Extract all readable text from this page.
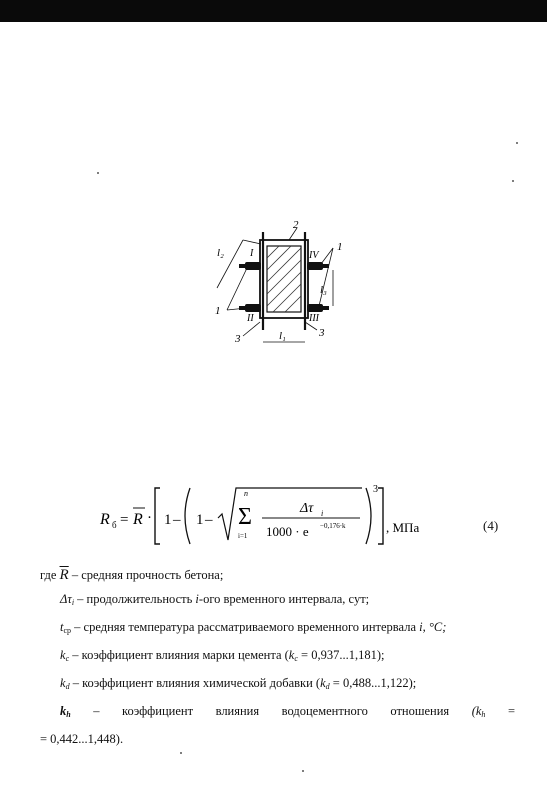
l₂
l₃
l₁
1
1
2
3	3
I
II	III
IV
R б = R · 1 – 1 –
n
Σ
i=1
Δτ i
1000 · e −0,176·k
3
, МПа	(4)

где $\overline{R}$ – средняя прочность бетона;

$\Delta\tau_i$ – продолжительность i-ого временного интервала, сут;

$t_{ср}$ – средняя температура рассматриваемого временного интервала i, °C;

$k_c$ – коэффициент влияния марки цемента $(k_c = 0,937...1,181)$;

$k_d$ – коэффициент влияния химической добавки $(k_d = 0,488...1,122)$;

$k_h$ – коэффициент влияния водоцементного отношения ($k_h$ =

= 0,442...1,448).
